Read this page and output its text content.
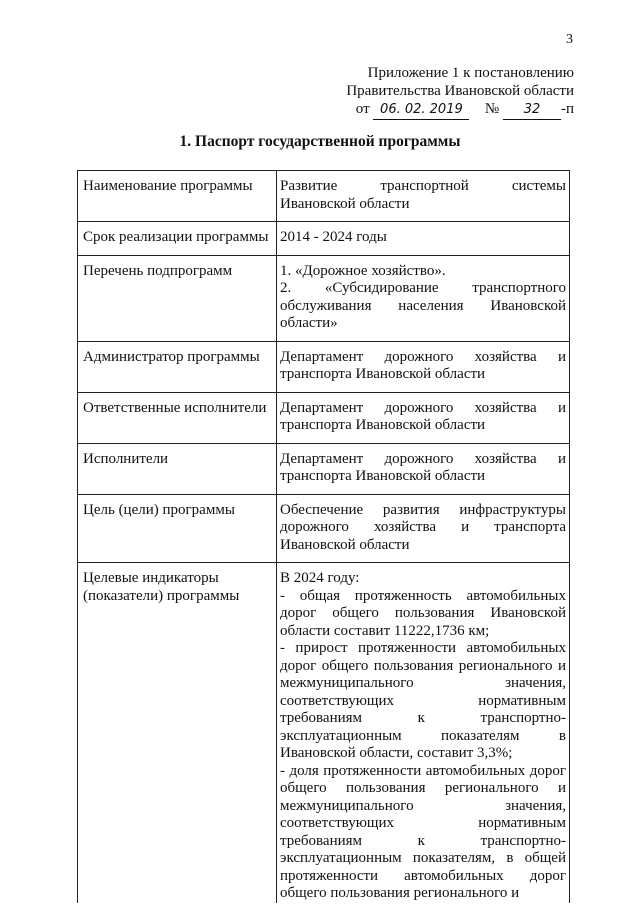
3
Приложение 1 к постановлению
Правительства Ивановской области
от 06. 02. 2019 № 32 -п
1. Паспорт государственной программы
Наименование программы	Развитие транспортной системы Ивановской области

Срок реализации программы	2014 - 2024 годы

Перечень подпрограмм	1. «Дорожное хозяйство».
2. «Субсидирование транспортного обслуживания населения Ивановской области»

Администратор программы	Департамент дорожного хозяйства и транспорта Ивановской области

Ответственные исполнители	Департамент дорожного хозяйства и транспорта Ивановской области

Исполнители	Департамент дорожного хозяйства и транспорта Ивановской области

Цель (цели) программы	Обеспечение развития инфраструктуры дорожного хозяйства и транспорта Ивановской области

Целевые индикаторы (показатели) программы	В 2024 году:
- общая протяженность автомобильных дорог общего пользования Ивановской области составит 11222,1736 км;
- прирост протяженности автомобильных дорог общего пользования регионального и межмуниципального значения, соответствующих нормативным требованиям к транспортно-эксплуатационным показателям в Ивановской области, составит 3,3%;
- доля протяженности автомобильных дорог общего пользования регионального и межмуниципального значения, соответствующих нормативным требованиям к транспортно-эксплуатационным показателям, в общей протяженности автомобильных дорог общего пользования регионального и
